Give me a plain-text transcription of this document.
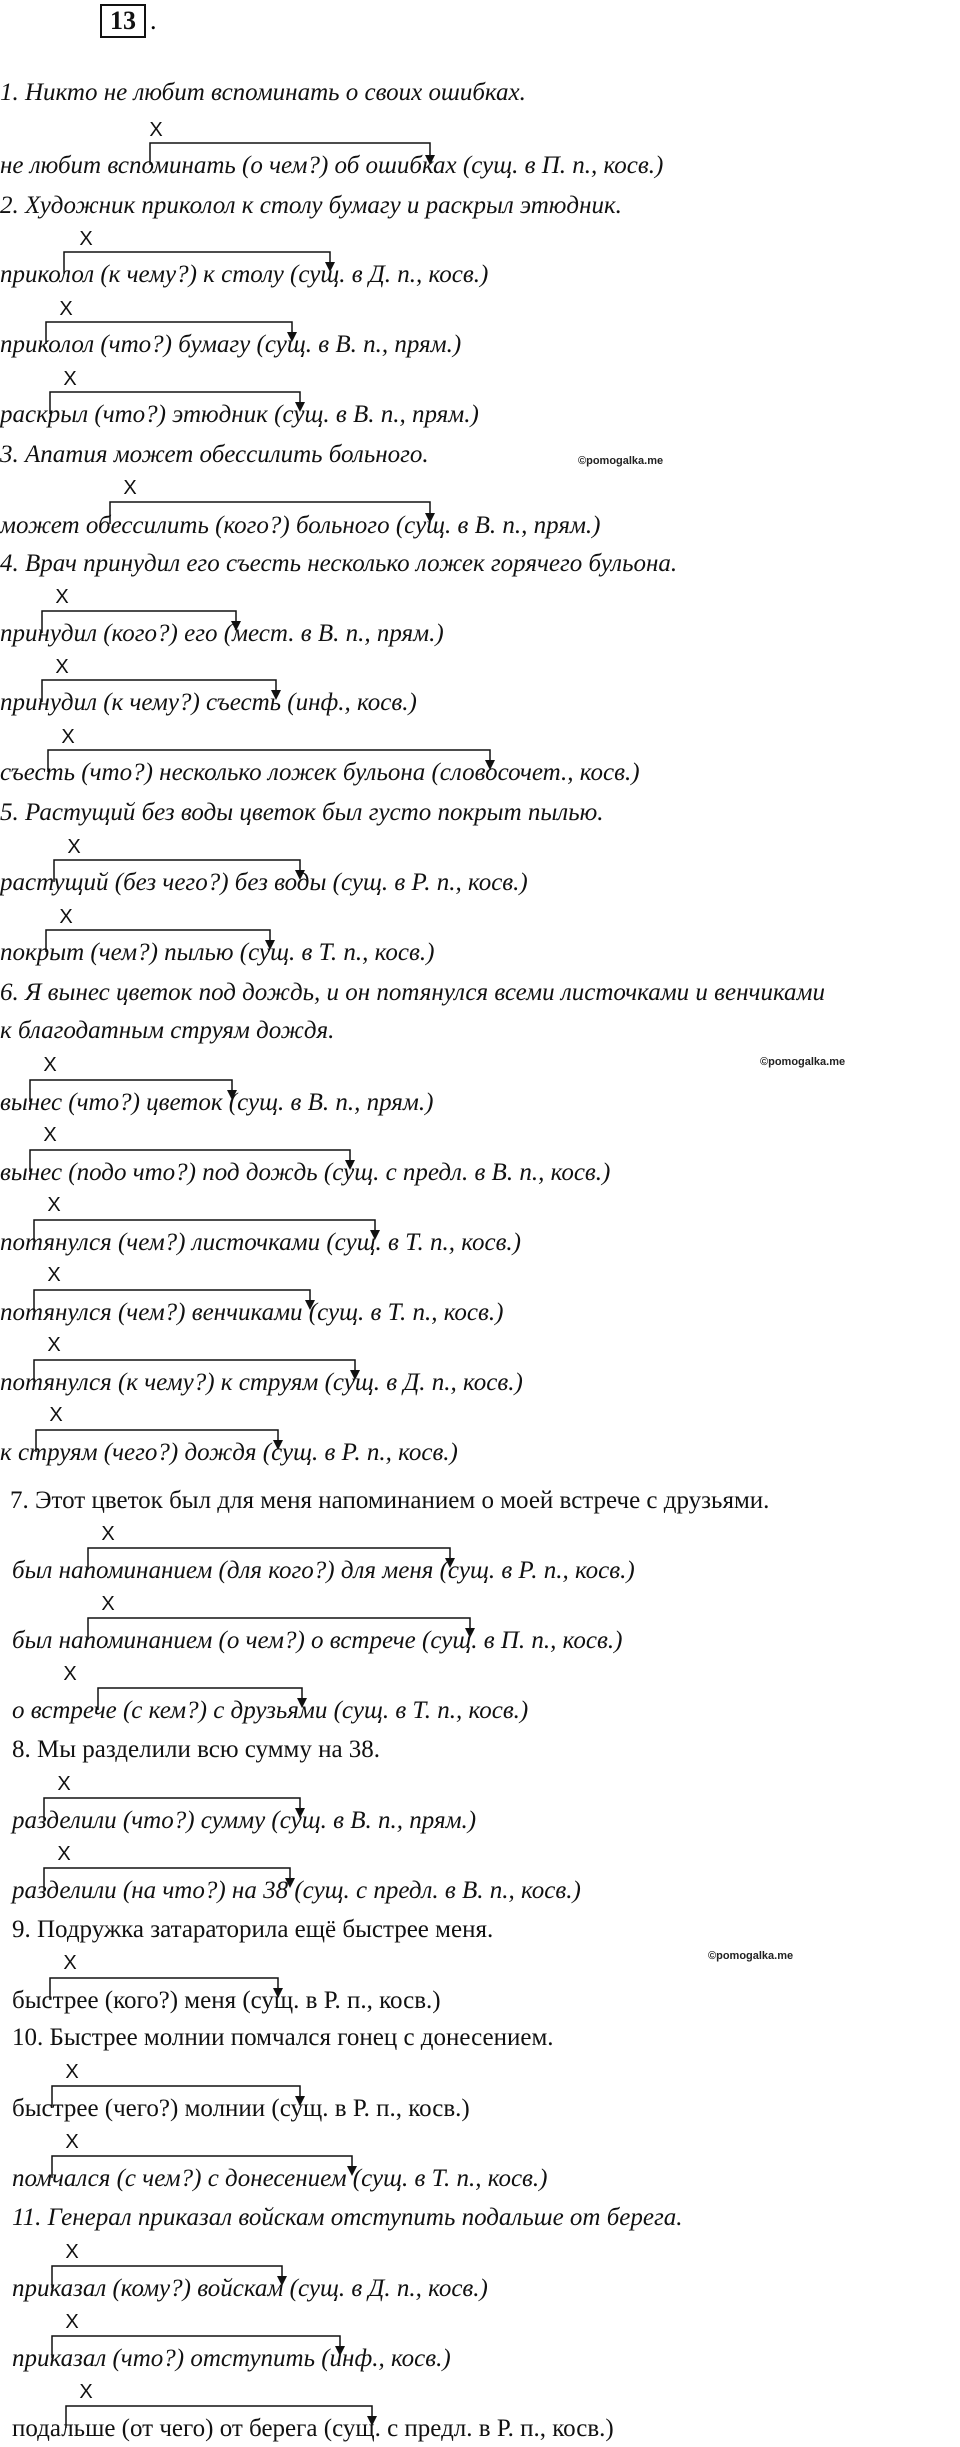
13 .
1. Никто не любит вспоминать о своих ошибках.
не любит вспоминать (о чем?) об ошибках (сущ. в П. п., косв.)
2. Художник приколол к столу бумагу и раскрыл этюдник.
приколол (к чему?) к столу (сущ. в Д. п., косв.)
приколол (что?) бумагу (сущ. в В. п., прям.)
раскрыл (что?) этюдник (сущ. в В. п., прям.)
3. Апатия может обессилить больного.
может обессилить (кого?) больного (сущ. в В. п., прям.)
4. Врач принудил его съесть несколько ложек горячего бульона.
принудил (кого?) его (мест. в В. п., прям.)
принудил (к чему?) съесть (инф., косв.)
съесть (что?) несколько ложек бульона (словосочет., косв.)
5. Растущий без воды цветок был густо покрыт пылью.
растущий (без чего?) без воды (сущ. в Р. п., косв.)
покрыт (чем?) пылью (сущ. в Т. п., косв.)
6. Я вынес цветок под дождь, и он потянулся всеми листочками и венчиками
к благодатным струям дождя.
вынес (что?) цветок (сущ. в В. п., прям.)
вынес (подо что?) под дождь (сущ. с предл. в В. п., косв.)
потянулся (чем?) листочками (сущ. в Т. п., косв.)
потянулся (чем?) венчиками (сущ. в Т. п., косв.)
потянулся (к чему?) к струям (сущ. в Д. п., косв.)
к струям (чего?) дождя (сущ. в Р. п., косв.)
7. Этот цветок был для меня напоминанием о моей встрече с друзьями.
был напоминанием (для кого?) для меня (сущ. в Р. п., косв.)
был напоминанием (о чем?) о встрече (сущ. в П. п., косв.)
о встрече (с кем?) с друзьями (сущ. в Т. п., косв.)
8. Мы разделили всю сумму на 38.
разделили (что?) сумму (сущ. в В. п., прям.)
разделили (на что?) на 38 (сущ. с предл. в В. п., косв.)
9. Подружка затараторила ещё быстрее меня.
быстрее (кого?) меня (сущ. в Р. п., косв.)
10. Быстрее молнии помчался гонец с донесением.
быстрее (чего?) молнии (сущ. в Р. п., косв.)
помчался (с чем?) с донесением (сущ. в Т. п., косв.)
11. Генерал приказал войскам отступить подальше от берега.
приказал (кому?) войскам (сущ. в Д. п., косв.)
приказал (что?) отступить (инф., косв.)
подальше (от чего) от берега (сущ. с предл. в Р. п., косв.)
X
X
X
X
X
X
X
X
X
X
X
X
X
X
X
X
X
X
X
X
X
X
X
X
X
X
X
©pomogalka.me
©pomogalka.me
©pomogalka.me
